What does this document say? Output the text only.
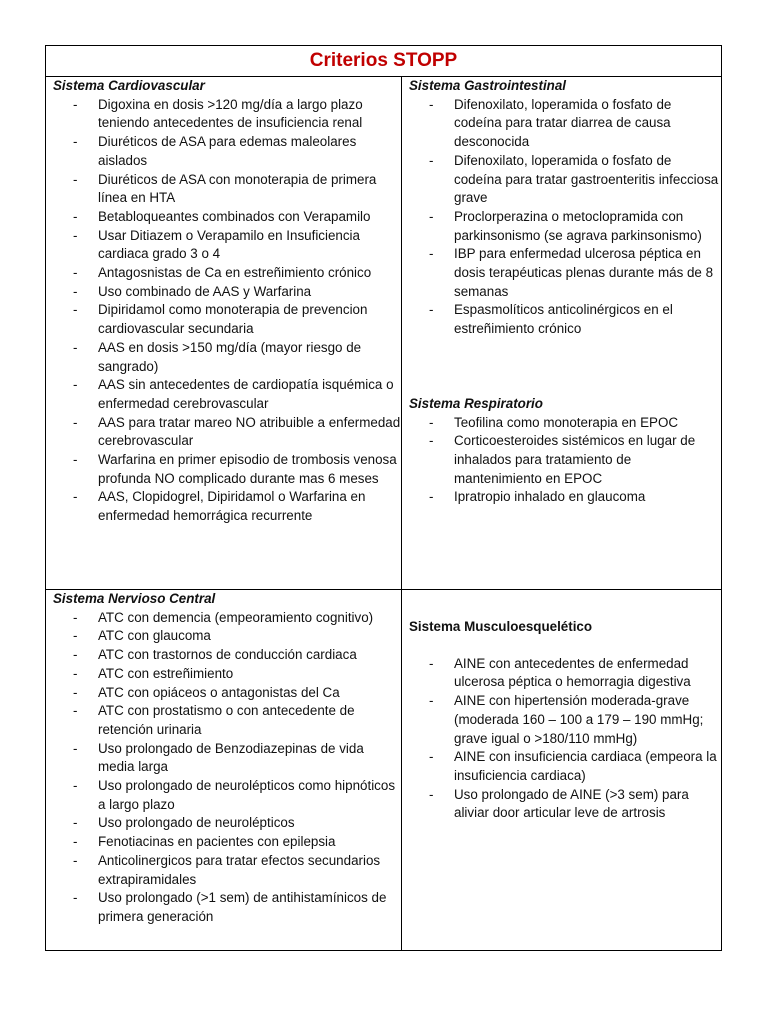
Criterios STOPP
Sistema Cardiovascular
- Digoxina en dosis >120 mg/día a largo plazo teniendo antecedentes de insuficiencia renal
- Diuréticos de ASA para edemas maleolares aislados
- Diuréticos de ASA con monoterapia de primera línea en HTA
- Betabloqueantes combinados con Verapamilo
- Usar Ditiazem o Verapamilo en Insuficiencia cardiaca grado 3 o 4
- Antagosnistas de Ca en estreñimiento crónico
- Uso combinado de AAS y Warfarina
- Dipiridamol como monoterapia de prevencion cardiovascular secundaria
- AAS en dosis >150 mg/día (mayor riesgo de sangrado)
- AAS sin antecedentes de cardiopatía isquémica o enfermedad cerebrovascular
- AAS para tratar mareo NO atribuible a enfermedad cerebrovascular
- Warfarina en primer episodio de trombosis venosa profunda NO complicado durante mas 6 meses
- AAS, Clopidogrel, Dipiridamol o Warfarina en enfermedad hemorrágica recurrente
Sistema Gastrointestinal
- Difenoxilato, loperamida o fosfato de codeína para tratar diarrea de causa desconocida
- Difenoxilato, loperamida o fosfato de codeína para tratar gastroenteritis infecciosa grave
- Proclorperazina o metoclopramida con parkinsonismo (se agrava parkinsonismo)
- IBP para enfermedad ulcerosa péptica en dosis terapéuticas plenas durante más de 8 semanas
- Espasmolíticos anticolinérgicos en el estreñimiento crónico
Sistema Respiratorio
- Teofilina como monoterapia en EPOC
- Corticoesteroides sistémicos en lugar de inhalados para tratamiento de mantenimiento en EPOC
- Ipratropio inhalado en glaucoma
Sistema Nervioso Central
- ATC con demencia (empeoramiento cognitivo)
- ATC con glaucoma
- ATC con trastornos de conducción cardiaca
- ATC con estreñimiento
- ATC con opiáceos o antagonistas del Ca
- ATC con prostatismo o con antecedente de retención urinaria
- Uso prolongado de Benzodiazepinas de vida media larga
- Uso prolongado de neurolépticos como hipnóticos a largo plazo
- Uso prolongado de neurolépticos
- Fenotiacinas en pacientes con epilepsia
- Anticolinergicos para tratar efectos secundarios extrapiramidales
- Uso prolongado (>1 sem) de antihistamínicos de primera generación
Sistema Musculoesquelético
- AINE con antecedentes de enfermedad ulcerosa péptica o hemorragia digestiva
- AINE con hipertensión moderada-grave (moderada 160 – 100 a 179 – 190 mmHg; grave igual o >180/110 mmHg)
- AINE con insuficiencia cardiaca (empeora la insuficiencia cardiaca)
- Uso prolongado de AINE (>3 sem) para aliviar door articular leve de artrosis
